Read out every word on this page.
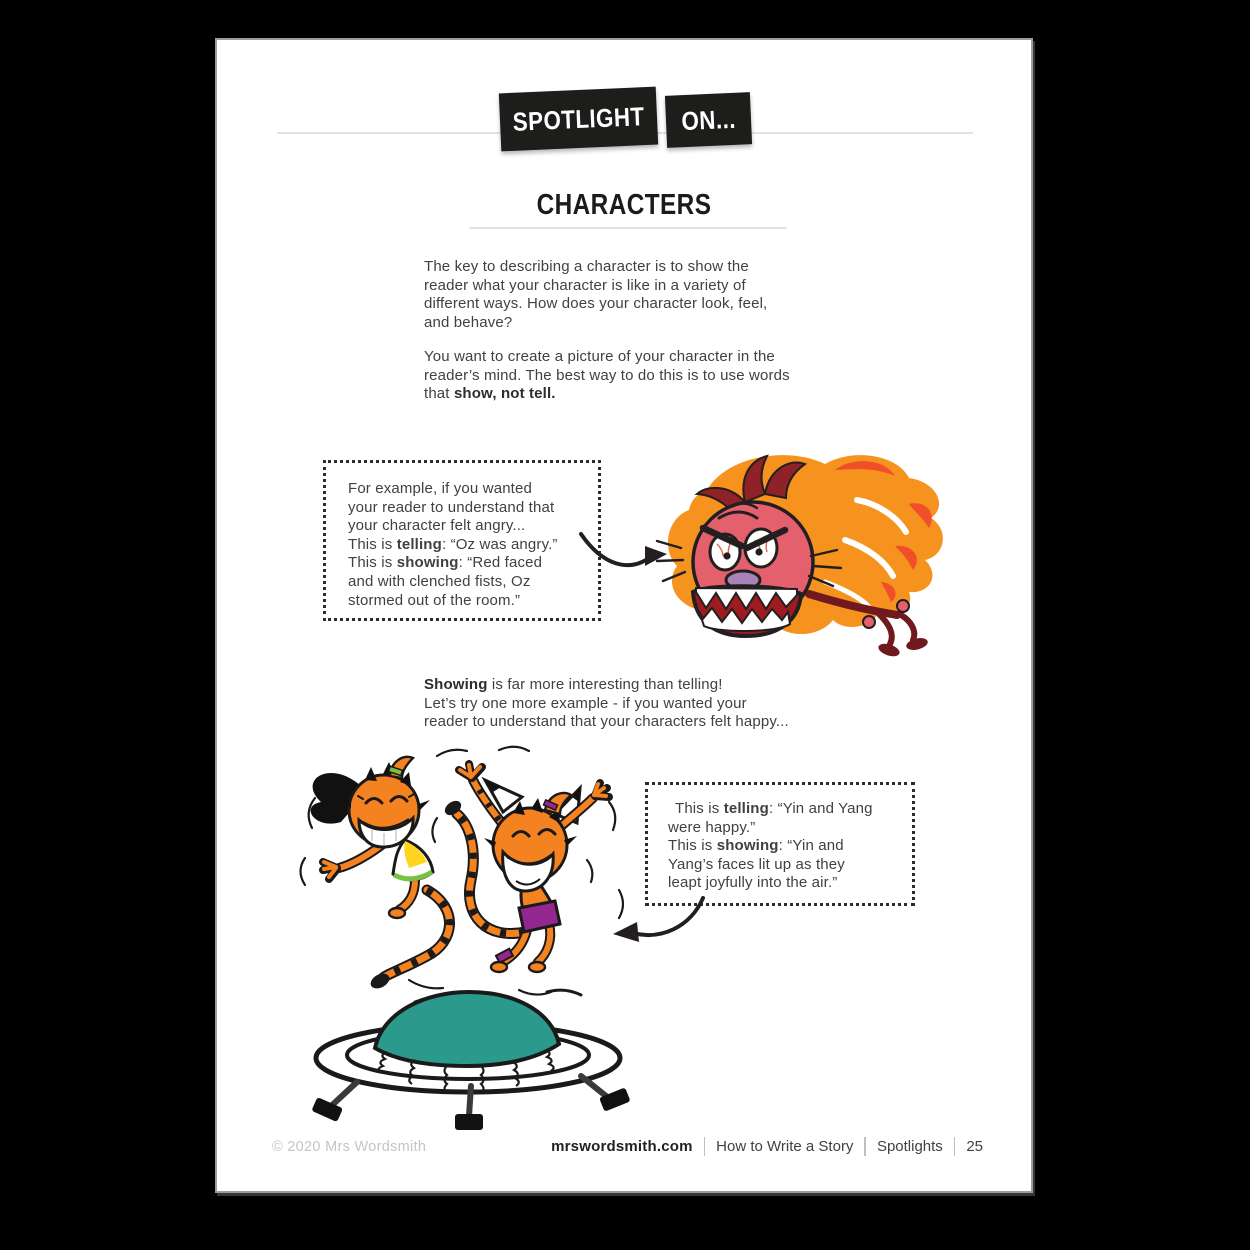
SPOTLIGHT ON...
CHARACTERS
The key to describing a character is to show the
reader what your character is like in a variety of
different ways. How does your character look, feel,
and behave?
You want to create a picture of your character in the
reader’s mind. The best way to do this is to use words
that show, not tell.
For example, if you wanted
your reader to understand that
your character felt angry...
This is telling: “Oz was angry.”
This is showing: “Red faced
and with clenched fists, Oz
stormed out of the room.”
Showing is far more interesting than telling!
Let’s try one more example - if you wanted your
reader to understand that your characters felt happy...
This is telling: “Yin and Yang
were happy.”
This is showing: “Yin and
Yang’s faces lit up as they
leapt joyfully into the air.”
© 2020 Mrs Wordsmith	mrswordsmith.com How to Write a Story Spotlights 25
